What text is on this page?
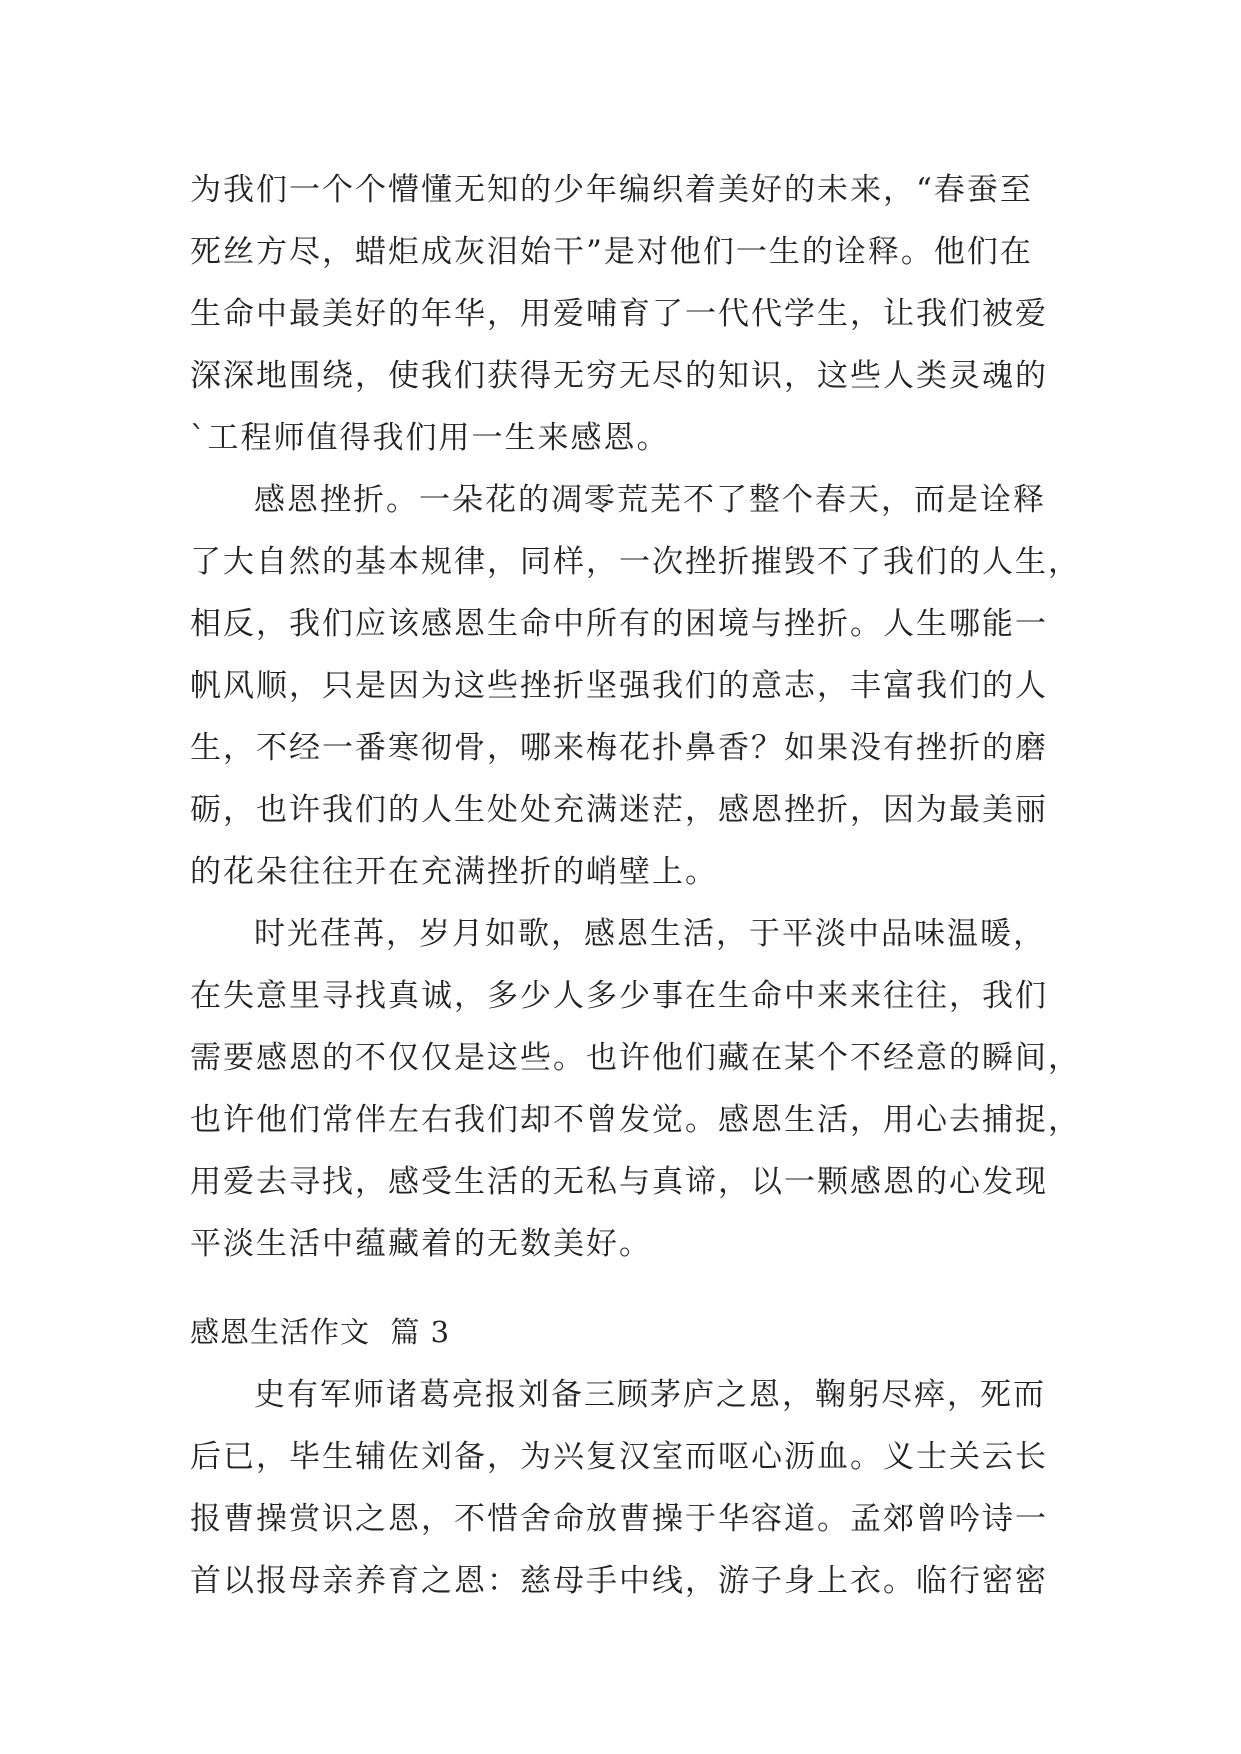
为我们一个个懵懂无知的少年编织着美好的未来，“春蚕至
死丝方尽，蜡炬成灰泪始干”是对他们一生的诠释。他们在
生命中最美好的年华，用爱哺育了一代代学生，让我们被爱
深深地围绕，使我们获得无穷无尽的知识，这些人类灵魂的
`工程师值得我们用一生来感恩。
感恩挫折。一朵花的凋零荒芜不了整个春天，而是诠释
了大自然的基本规律，同样，一次挫折摧毁不了我们的人生，
相反，我们应该感恩生命中所有的困境与挫折。人生哪能一
帆风顺，只是因为这些挫折坚强我们的意志，丰富我们的人
生，不经一番寒彻骨，哪来梅花扑鼻香？如果没有挫折的磨
砺，也许我们的人生处处充满迷茫，感恩挫折，因为最美丽
的花朵往往开在充满挫折的峭壁上。
时光荏苒，岁月如歌，感恩生活，于平淡中品味温暖，
在失意里寻找真诚，多少人多少事在生命中来来往往，我们
需要感恩的不仅仅是这些。也许他们藏在某个不经意的瞬间，
也许他们常伴左右我们却不曾发觉。感恩生活，用心去捕捉，
用爱去寻找，感受生活的无私与真谛，以一颗感恩的心发现
平淡生活中蕴藏着的无数美好。
感恩生活作文  篇 3
史有军师诸葛亮报刘备三顾茅庐之恩，鞠躬尽瘁，死而
后已，毕生辅佐刘备，为兴复汉室而呕心沥血。义士关云长
报曹操赏识之恩，不惜舍命放曹操于华容道。孟郊曾吟诗一
首以报母亲养育之恩：慈母手中线，游子身上衣。临行密密
